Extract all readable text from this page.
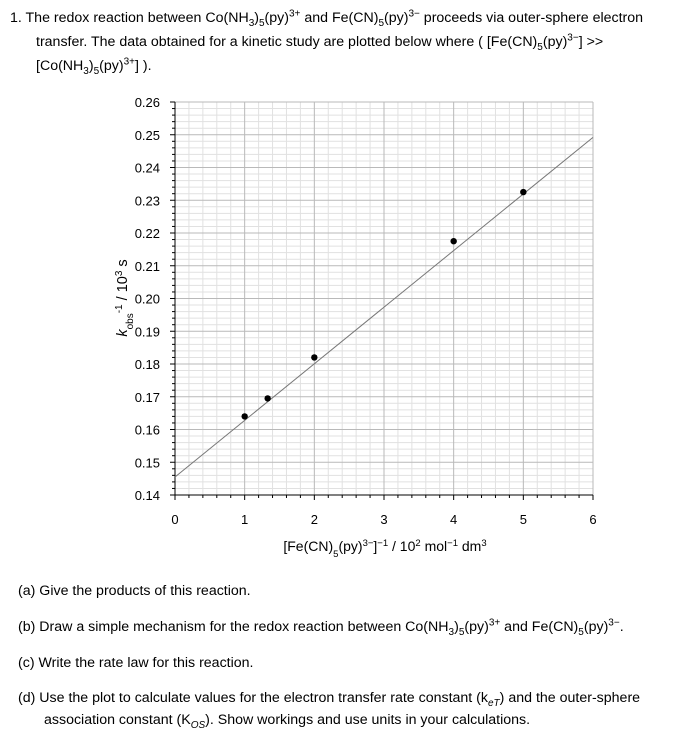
1. The redox reaction between $Co(NH_3)_5(py)^{3+}$ and $Fe(CN)_5(py)^{3-}$ proceeds via outer-sphere electron
transfer. The data obtained for a kinetic study are plotted below where ( $[Fe(CN)_5(py)^{3-}]$ >>
$[Co(NH_3)_5(py)^{3+}]$ ).
0.26
0.25
0.24
0.23
0.22
0.21
0.20
0.19
0.18
0.17
0.16
0.15
0.14
0	1	2	3	4	5	6
$[Fe(CN)_5(py)^{3-}]^{-1} / 10^2$ mol$^{-1}$ $dm^3$
$k_{obs}^{-1} / 10^3$ s
(a) Give the products of this reaction.
(b) Draw a simple mechanism for the redox reaction between $Co(NH_3)_5(py)^{3+}$ and $Fe(CN)_5(py)^{3-}$.
(c) Write the rate law for this reaction.
(d) Use the plot to calculate values for the electron transfer rate constant $(k_{eT})$ and the outer-sphere
association constant $(K_{OS})$. Show workings and use units in your calculations.
